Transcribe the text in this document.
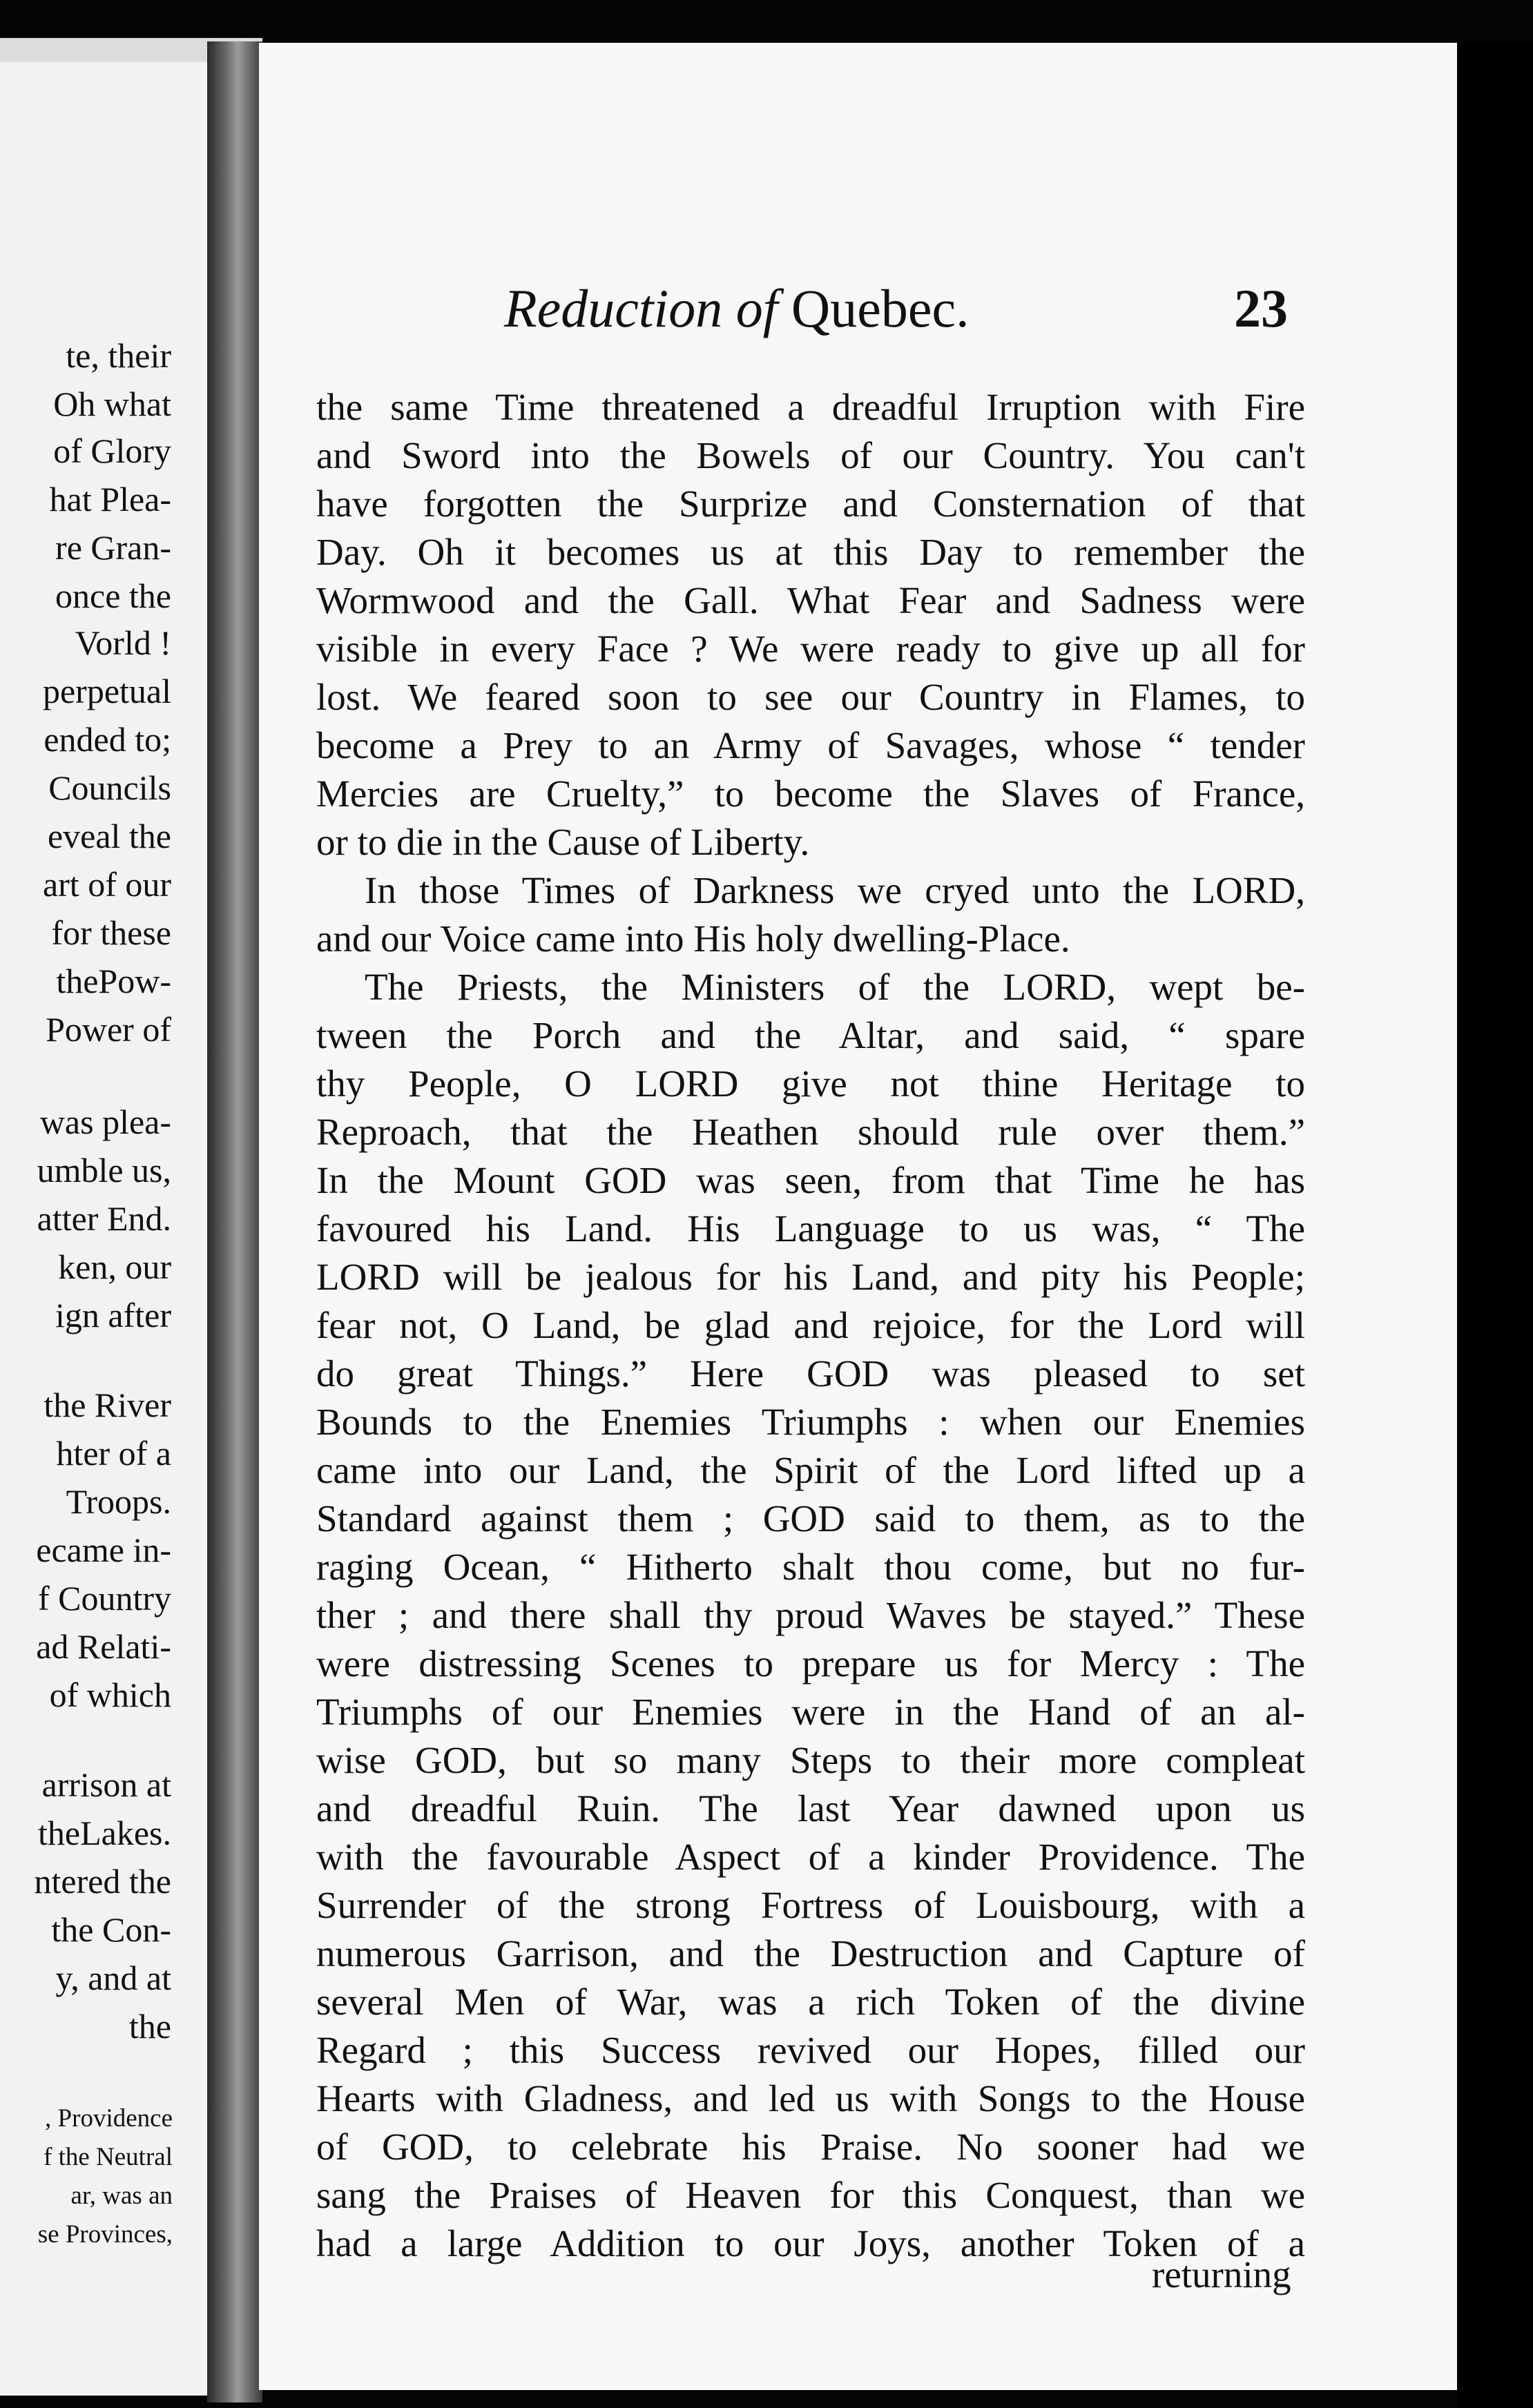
te, their
Oh what
of Glory
hat Plea-
re Gran-
once the
Vorld !
perpetual
ended to;
Councils
eveal the
art of our
for these
thePow-
Power of
was plea-
umble us,
atter End.
ken, our
ign after
the River
hter of a
Troops.
ecame in-
f Country
ad Relati-
of which
arrison at
theLakes.
ntered the
the Con-
y, and at
the
, Providence
f the Neutral
ar, was an
se Provinces,
Reduction of Quebec.	23
the same Time threatened a dreadful Irruption with Fire
and Sword into the Bowels of our Country. You can't
have forgotten the Surprize and Consternation of that
Day. Oh it becomes us at this Day to remember the
Wormwood and the Gall. What Fear and Sadness were
visible in every Face ? We were ready to give up all for
lost. We feared soon to see our Country in Flames, to
become a Prey to an Army of Savages, whose “ tender
Mercies are Cruelty,” to become the Slaves of France,
or to die in the Cause of Liberty.
In those Times of Darkness we cryed unto the LORD,
and our Voice came into His holy dwelling-Place.
The Priests, the Ministers of the LORD, wept be-
tween the Porch and the Altar, and said, “ spare
thy People, O LORD give not thine Heritage to
Reproach, that the Heathen should rule over them.”
In the Mount GOD was seen, from that Time he has
favoured his Land. His Language to us was, “ The
LORD will be jealous for his Land, and pity his People;
fear not, O Land, be glad and rejoice, for the Lord will
do great Things.” Here GOD was pleased to set
Bounds to the Enemies Triumphs : when our Enemies
came into our Land, the Spirit of the Lord lifted up a
Standard against them ; GOD said to them, as to the
raging Ocean, “ Hitherto shalt thou come, but no fur-
ther ; and there shall thy proud Waves be stayed.” These
were distressing Scenes to prepare us for Mercy : The
Triumphs of our Enemies were in the Hand of an al-
wise GOD, but so many Steps to their more compleat
and dreadful Ruin. The last Year dawned upon us
with the favourable Aspect of a kinder Providence. The
Surrender of the strong Fortress of Louisbourg, with a
numerous Garrison, and the Destruction and Capture of
several Men of War, was a rich Token of the divine
Regard ; this Success revived our Hopes, filled our
Hearts with Gladness, and led us with Songs to the House
of GOD, to celebrate his Praise. No sooner had we
sang the Praises of Heaven for this Conquest, than we
had a large Addition to our Joys, another Token of a
returning
